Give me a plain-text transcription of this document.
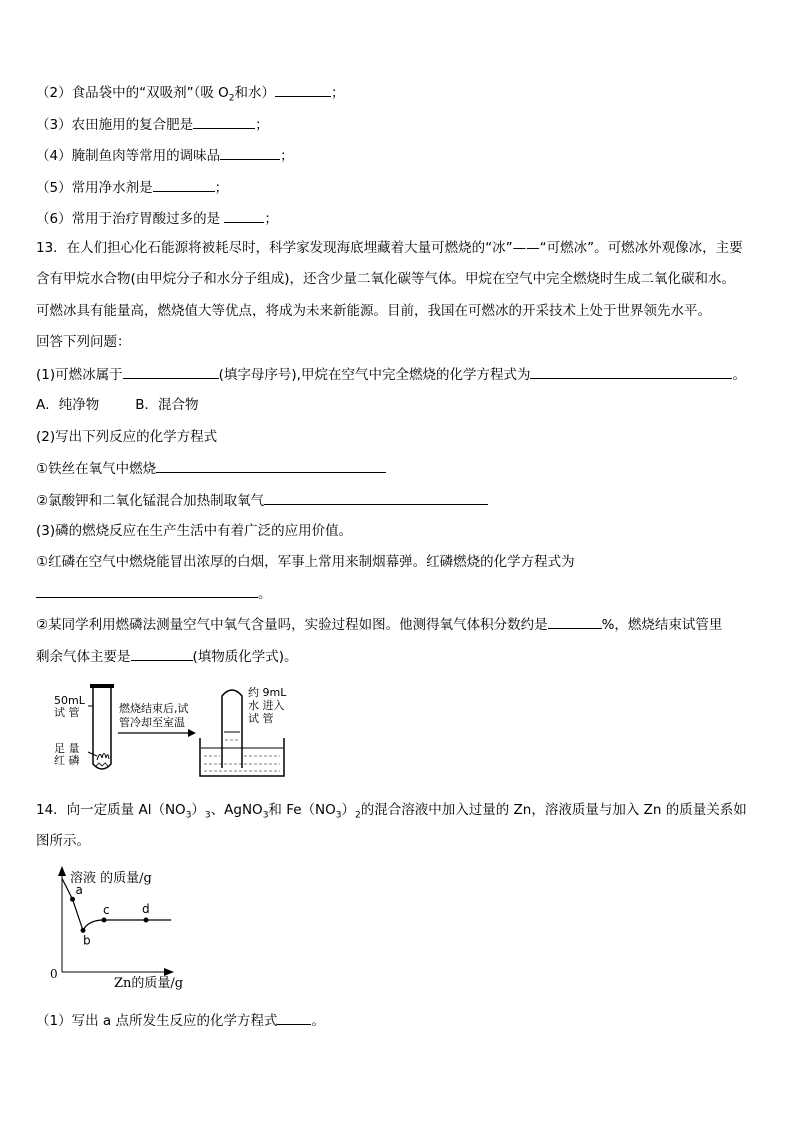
（2）食品袋中的“双吸剂”（吸 $O_2$和水）	；
（3）农田施用的复合肥是	；
（4）腌制鱼肉等常用的调味品	；
（5）常用净水剂是	；
（6）常用于治疗胃酸过多的是	；
13．在人们担心化石能源将被耗尽时，科学家发现海底埋藏着大量可燃烧的“冰”——“可燃冰”。可燃冰外观像冰，主要
含有甲烷水合物(由甲烷分子和水分子组成)，还含少量二氧化碳等气体。甲烷在空气中完全燃烧时生成二氧化碳和水。
可燃冰具有能量高，燃烧值大等优点，将成为未来新能源。目前，我国在可燃冰的开采技术上处于世界领先水平。
回答下列问题：
(1)可燃冰属于	(填字母序号),甲烷在空气中完全燃烧的化学方程式为	。
A．纯净物	B．混合物
(2)写出下列反应的化学方程式
①铁丝在氧气中燃烧
②氯酸钾和二氧化锰混合加热制取氧气
(3)磷的燃烧反应在生产生活中有着广泛的应用价值。
①红磷在空气中燃烧能冒出浓厚的白烟，军事上常用来制烟幕弹。红磷燃烧的化学方程式为
。
②某同学利用燃磷法测量空气中氧气含量吗，实验过程如图。他测得氧气体积分数约是	%，燃烧结束试管里
剩余气体主要是	(填物质化学式)。
50mL
试 管
足 量
红 磷
燃烧结束后,试
管冷却至室温
约 9mL
水 进入
试 管
14．向一定质量 $Al(NO_3)_3$、AgNO$_3$和 $Fe(NO_3)_2$的混合溶液中加入过量的 Zn，溶液质量与加入 Zn 的质量关系如
图所示。
溶液 的质量/g
Zn的质量/g
0
a
b
c	d
（1）写出 a 点所发生反应的化学方程式	。
